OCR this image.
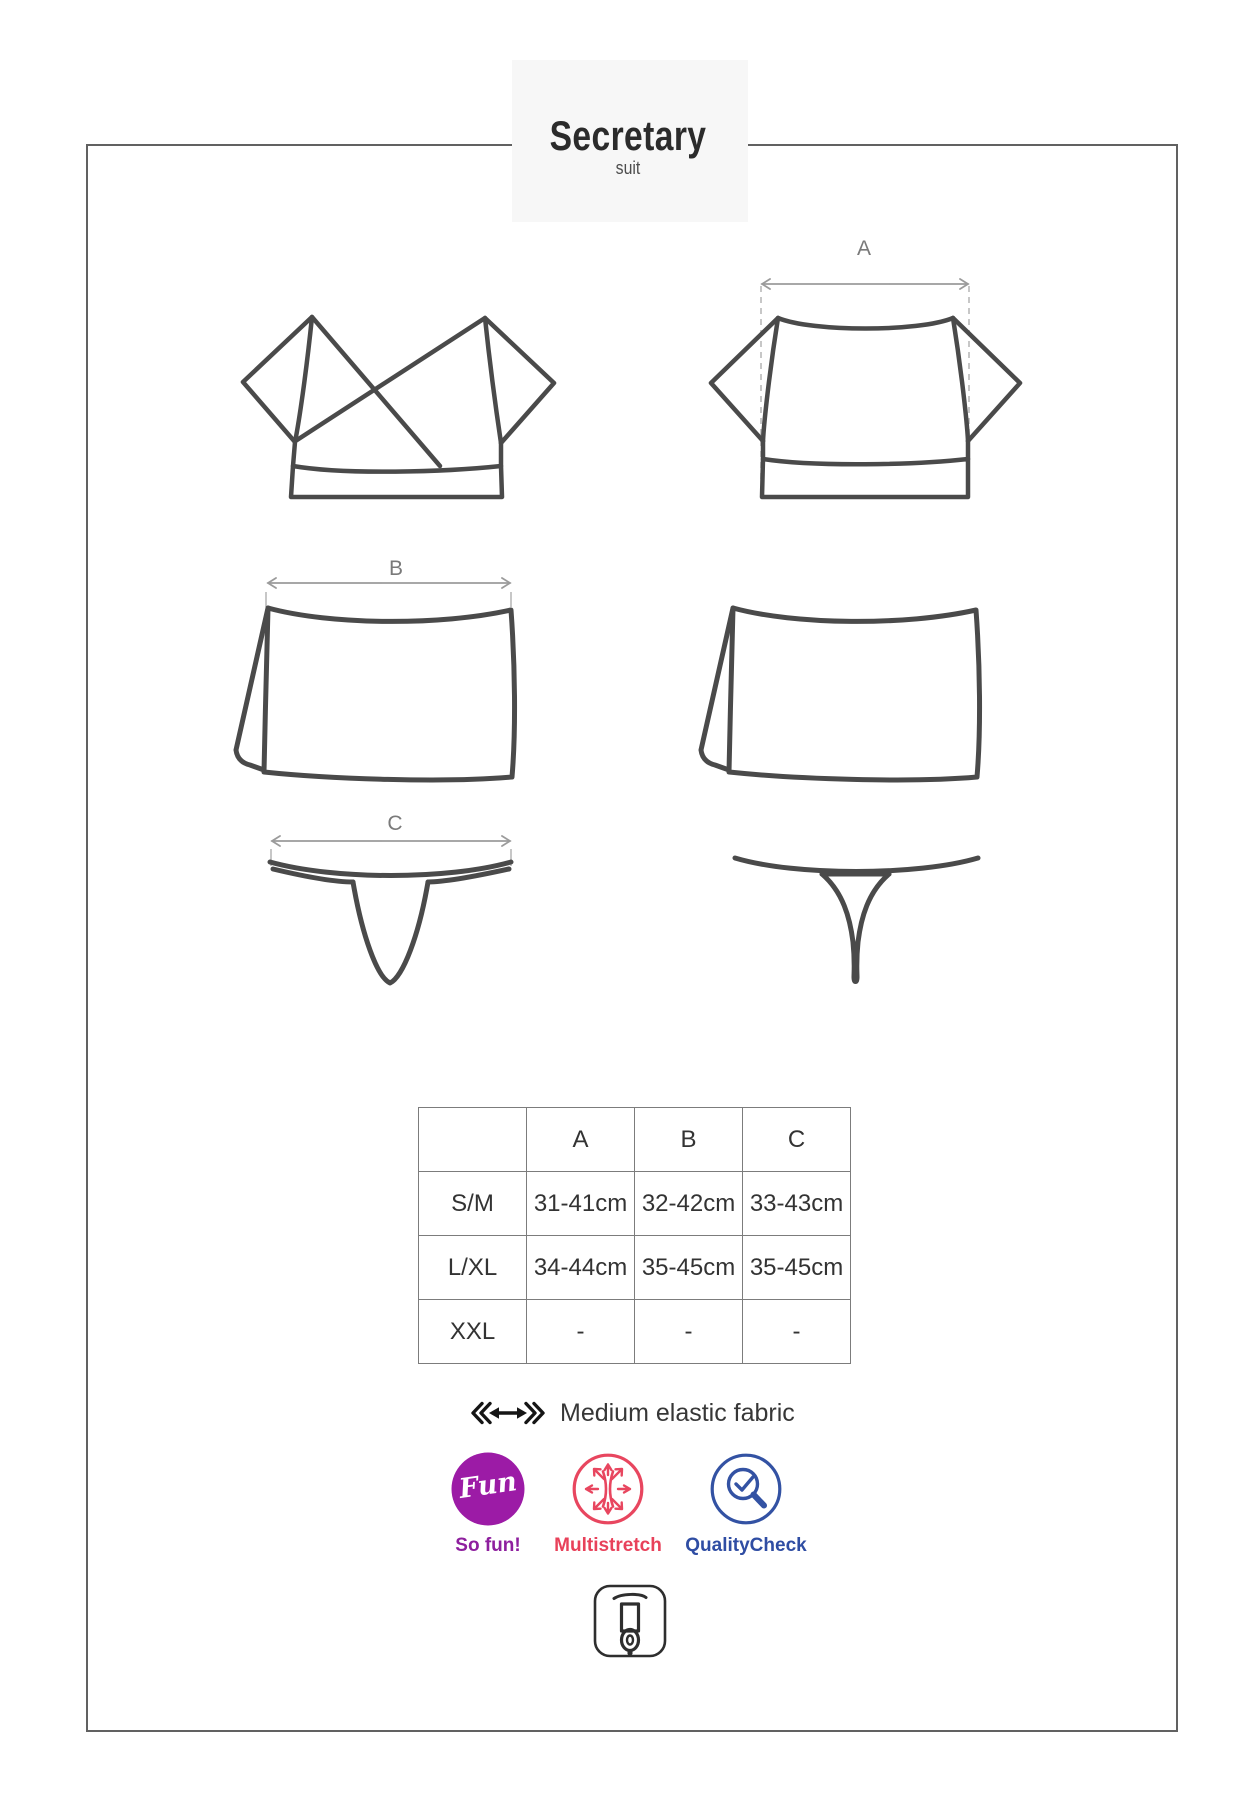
Secretary
suit
A
B
C
	A	B	C
S/M	31-41cm	32-42cm	33-43cm
L/XL	34-44cm	35-45cm	35-45cm
XXL	-	-	-
Medium elastic fabric
Fun
So fun! Multistretch QualityCheck
